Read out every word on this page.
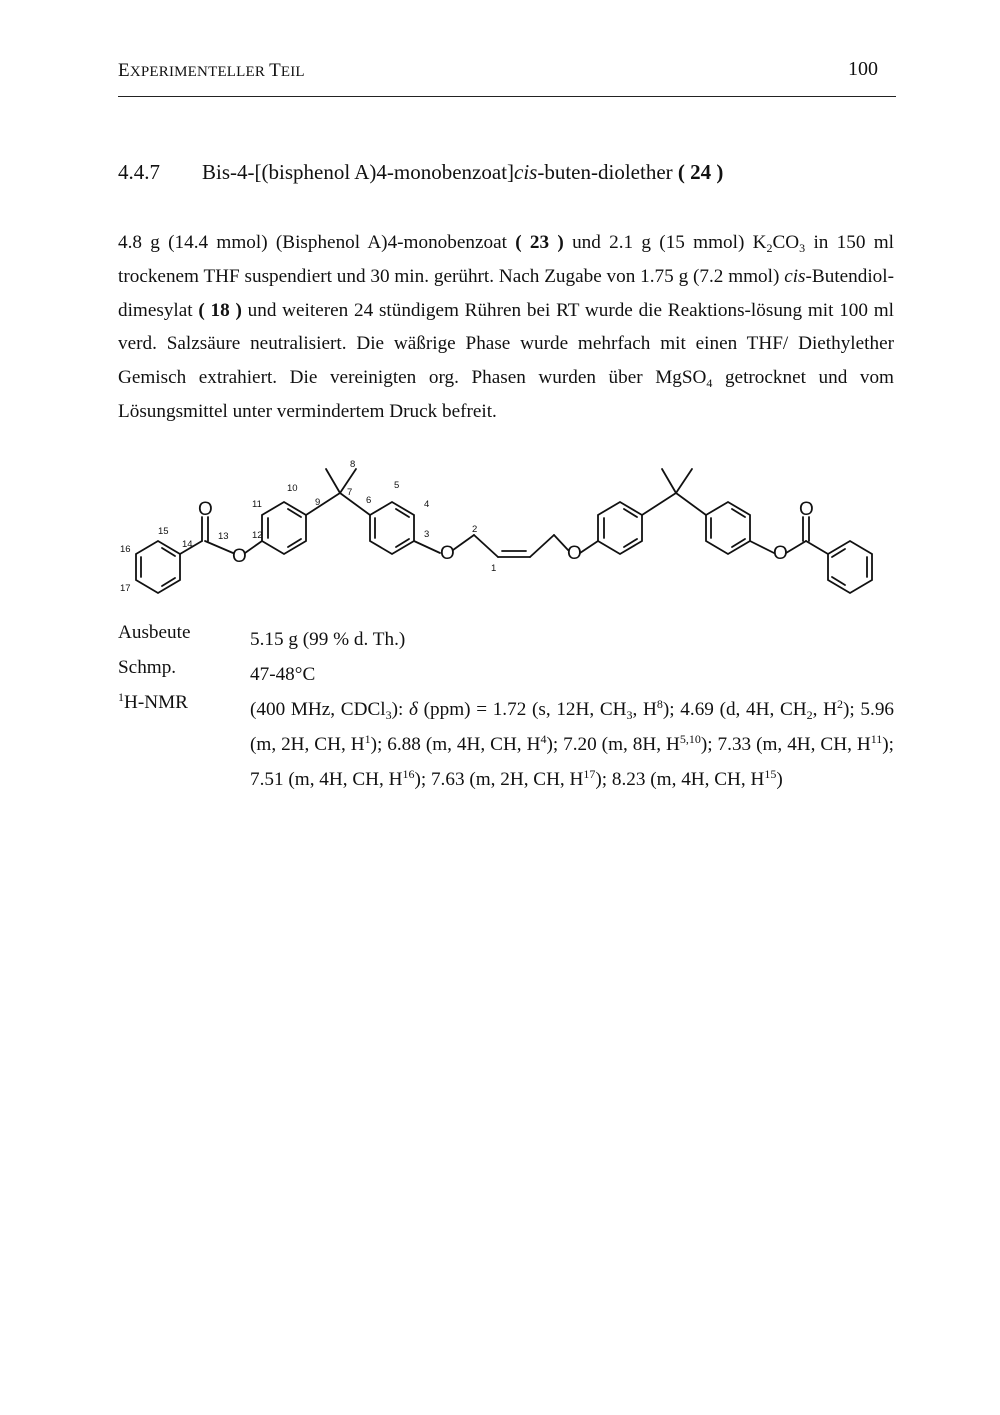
EXPERIMENTELLER TEIL	100
4.4.7 Bis-4-[(bisphenol A)4-monobenzoat]cis-buten-diolether ( 24 )
4.8 g (14.4 mmol) (Bisphenol A)4-monobenzoat ( 23 ) und 2.1 g (15 mmol) $K_2CO_3$ in 150 ml trockenem THF suspendiert und 30 min. gerührt. Nach Zugabe von 1.75 g (7.2 mmol) cis-Butendiol-dimesylat ( 18 ) und weiteren 24 stündigem Rühren bei RT wurde die Reaktions-lösung mit 100 ml verd. Salzsäure neutralisiert. Die wäßrige Phase wurde mehrfach mit einen THF/ Diethylether Gemisch extrahiert. Die vereinigten org. Phasen wurden über MgSO$_4$ getrocknet und vom Lösungsmittel unter vermindertem Druck befreit.
O
O	O	O	O
O
1
2
3
4
5
6
7
8
9
10
11
12
13
14
15
16
17
Ausbeute	5.15 g (99 % d. Th.)
Schmp.	47-48°C
$^1$H-NMR	(400 MHz, CDCl$_3$): δ (ppm) = 1.72 (s, 12H, $CH_3$, $H^8$); 4.69 (d, 4H, $CH_2$, $H^2$); 5.96 (m, 2H, CH, $H^1$); 6.88 (m, 4H, CH, $H^4$); 7.20 (m, 8H, H$^{5,10}$); 7.33 (m, 4H, CH, $H^{11}$); 7.51 (m, 4H, CH, $H^{16}$); 7.63 (m, 2H, CH, $H^{17}$); 8.23 (m, 4H, CH, $H^{15}$)
